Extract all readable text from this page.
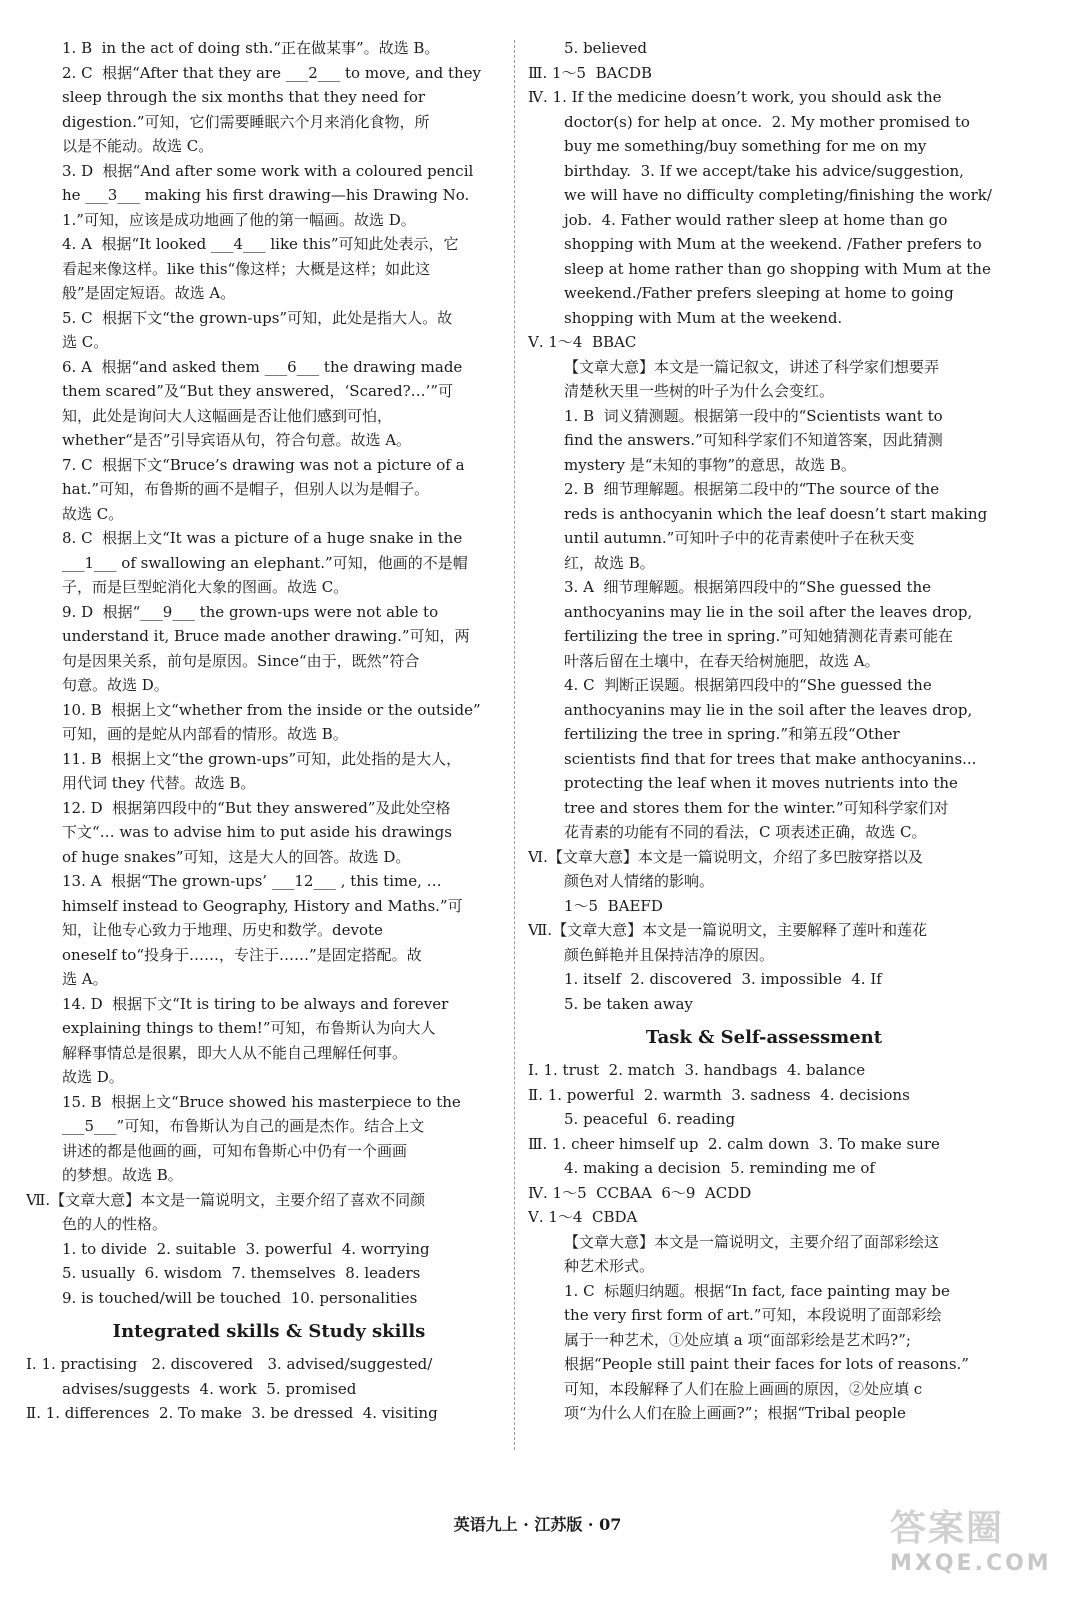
1. B  in the act of doing sth.“正在做某事”。故选 B。
2. C  根据“After that they are ___2___ to move, and they
sleep through the six months that they need for
digestion.”可知，它们需要睡眠六个月来消化食物，所
以是不能动。故选 C。
3. D  根据“And after some work with a coloured pencil
he ___3___ making his first drawing—his Drawing No.
1.”可知，应该是成功地画了他的第一幅画。故选 D。
4. A  根据“It looked ___4___ like this”可知此处表示，它
看起来像这样。like this“像这样；大概是这样；如此这
般”是固定短语。故选 A。
5. C  根据下文“the grown-ups”可知，此处是指大人。故
选 C。
6. A  根据“and asked them ___6___ the drawing made
them scared”及“But they answered，‘Scared?…’”可
知，此处是询问大人这幅画是否让他们感到可怕，
whether“是否”引导宾语从句，符合句意。故选 A。
7. C  根据下文“Bruce’s drawing was not a picture of a
hat.”可知，布鲁斯的画不是帽子，但别人以为是帽子。
故选 C。
8. C  根据上文“It was a picture of a huge snake in the
___1___ of swallowing an elephant.”可知，他画的不是帽
子，而是巨型蛇消化大象的图画。故选 C。
9. D  根据“___9___ the grown-ups were not able to
understand it, Bruce made another drawing.”可知，两
句是因果关系，前句是原因。Since“由于，既然”符合
句意。故选 D。
10. B  根据上文“whether from the inside or the outside”
可知，画的是蛇从内部看的情形。故选 B。
11. B  根据上文“the grown-ups”可知，此处指的是大人，
用代词 they 代替。故选 B。
12. D  根据第四段中的“But they answered”及此处空格
下文“… was to advise him to put aside his drawings
of huge snakes”可知，这是大人的回答。故选 D。
13. A  根据“The grown-ups’ ___12___ , this time, …
himself instead to Geography, History and Maths.”可
知，让他专心致力于地理、历史和数学。devote
oneself to“投身于……，专注于……”是固定搭配。故
选 A。
14. D  根据下文“It is tiring to be always and forever
explaining things to them!”可知，布鲁斯认为向大人
解释事情总是很累，即大人从不能自己理解任何事。
故选 D。
15. B  根据上文“Bruce showed his masterpiece to the
___5___”可知，布鲁斯认为自己的画是杰作。结合上文
讲述的都是他画的画，可知布鲁斯心中仍有一个画画
的梦想。故选 B。
Ⅶ.【文章大意】本文是一篇说明文，主要介绍了喜欢不同颜
色的人的性格。
1. to divide  2. suitable  3. powerful  4. worrying
5. usually  6. wisdom  7. themselves  8. leaders
9. is touched/will be touched  10. personalities
Integrated skills & Study skills
Ⅰ. 1. practising   2. discovered   3. advised/suggested/
advises/suggests  4. work  5. promised
Ⅱ. 1. differences  2. To make  3. be dressed  4. visiting
5. believed
Ⅲ. 1～5  BACDB
Ⅳ. 1. If the medicine doesn’t work, you should ask the
doctor(s) for help at once.  2. My mother promised to
buy me something/buy something for me on my
birthday.  3. If we accept/take his advice/suggestion,
we will have no difficulty completing/finishing the work/
job.  4. Father would rather sleep at home than go
shopping with Mum at the weekend. /Father prefers to
sleep at home rather than go shopping with Mum at the
weekend./Father prefers sleeping at home to going
shopping with Mum at the weekend.
Ⅴ. 1～4  BBAC
【文章大意】本文是一篇记叙文，讲述了科学家们想要弄
清楚秋天里一些树的叶子为什么会变红。
1. B  词义猜测题。根据第一段中的“Scientists want to
find the answers.”可知科学家们不知道答案，因此猜测
mystery 是“未知的事物”的意思，故选 B。
2. B  细节理解题。根据第二段中的“The source of the
reds is anthocyanin which the leaf doesn’t start making
until autumn.”可知叶子中的花青素使叶子在秋天变
红，故选 B。
3. A  细节理解题。根据第四段中的“She guessed the
anthocyanins may lie in the soil after the leaves drop,
fertilizing the tree in spring.”可知她猜测花青素可能在
叶落后留在土壤中，在春天给树施肥，故选 A。
4. C  判断正误题。根据第四段中的“She guessed the
anthocyanins may lie in the soil after the leaves drop,
fertilizing the tree in spring.”和第五段“Other
scientists find that for trees that make anthocyanins...
protecting the leaf when it moves nutrients into the
tree and stores them for the winter.”可知科学家们对
花青素的功能有不同的看法，C 项表述正确，故选 C。
Ⅵ.【文章大意】本文是一篇说明文，介绍了多巴胺穿搭以及
颜色对人情绪的影响。
1～5  BAEFD
Ⅶ.【文章大意】本文是一篇说明文，主要解释了莲叶和莲花
颜色鲜艳并且保持洁净的原因。
1. itself  2. discovered  3. impossible  4. If
5. be taken away
Task & Self-assessment
Ⅰ. 1. trust  2. match  3. handbags  4. balance
Ⅱ. 1. powerful  2. warmth  3. sadness  4. decisions
5. peaceful  6. reading
Ⅲ. 1. cheer himself up  2. calm down  3. To make sure
4. making a decision  5. reminding me of
Ⅳ. 1～5  CCBAA  6～9  ACDD
Ⅴ. 1～4  CBDA
【文章大意】本文是一篇说明文，主要介绍了面部彩绘这
种艺术形式。
1. C  标题归纳题。根据“In fact, face painting may be
the very first form of art.”可知，本段说明了面部彩绘
属于一种艺术，①处应填 a 项“面部彩绘是艺术吗?”;
根据“People still paint their faces for lots of reasons.”
可知，本段解释了人们在脸上画画的原因，②处应填 c
项“为什么人们在脸上画画?”；根据“Tribal people
英语九上 · 江苏版 · 07	答案圈
MXQE.COM
